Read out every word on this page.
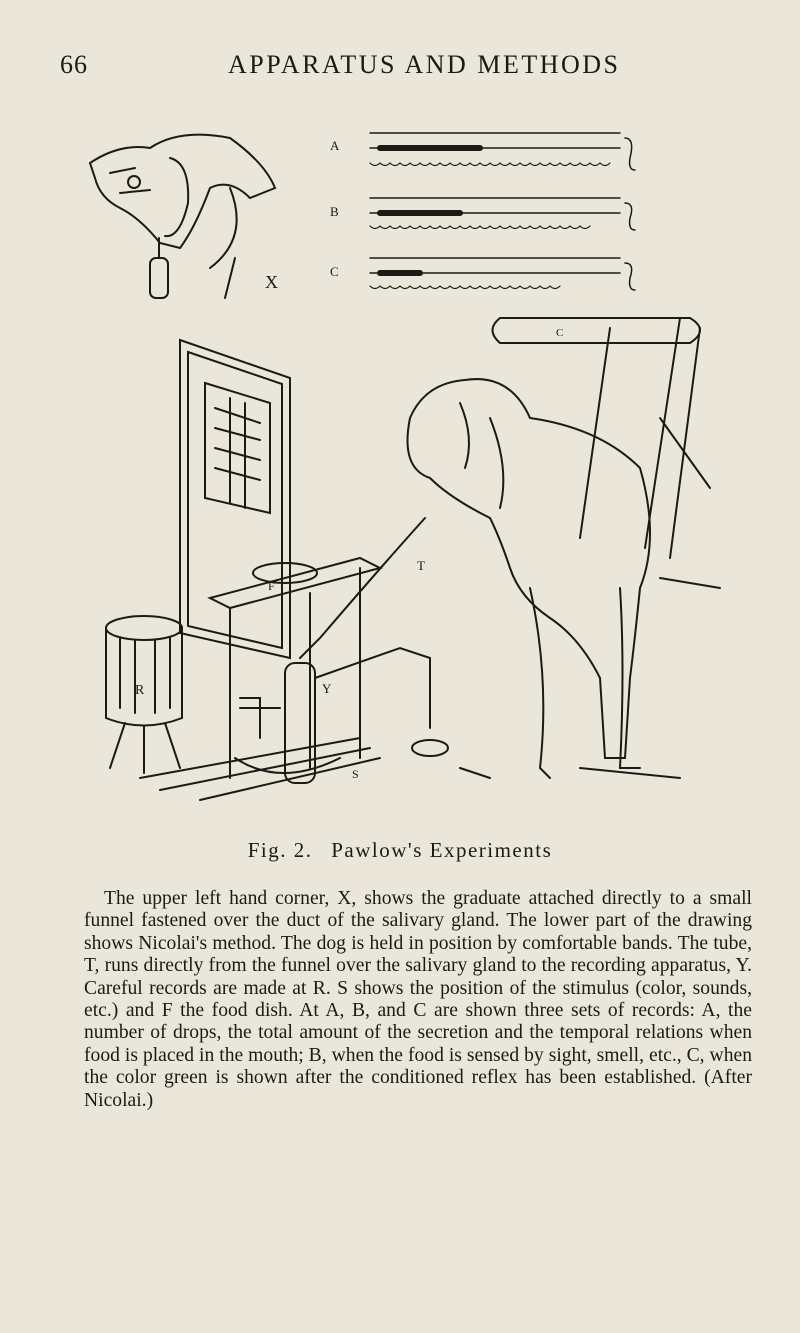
66	APPARATUS AND METHODS
X
A
B
C
C
F
T
Y
R
S
Fig. 2. Pawlow's Experiments

The upper left hand corner, X, shows the graduate attached directly to a small funnel fastened over the duct of the salivary gland. The lower part of the drawing shows Nicolai's method. The dog is held in position by comfortable bands. The tube, T, runs directly from the funnel over the salivary gland to the recording apparatus, Y. Careful records are made at R. S shows the position of the stimulus (color, sounds, etc.) and F the food dish. At A, B, and C are shown three sets of records: A, the number of drops, the total amount of the secretion and the temporal relations when food is placed in the mouth; B, when the food is sensed by sight, smell, etc., C, when the color green is shown after the conditioned reflex has been established. (After Nicolai.)
